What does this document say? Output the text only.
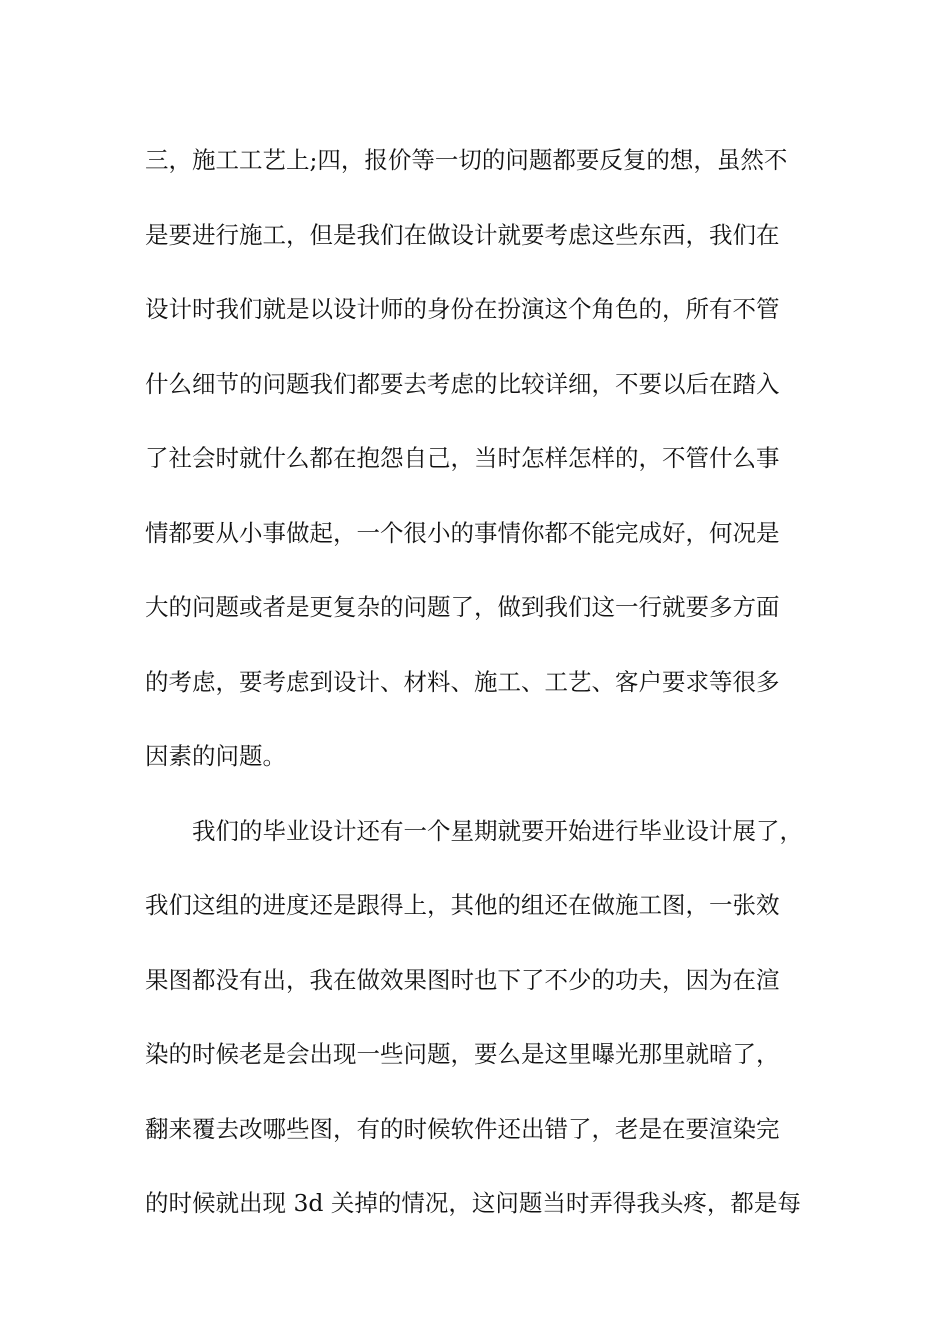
三，施工工艺上;四，报价等一切的问题都要反复的想，虽然不
是要进行施工，但是我们在做设计就要考虑这些东西，我们在
设计时我们就是以设计师的身份在扮演这个角色的，所有不管
什么细节的问题我们都要去考虑的比较详细，不要以后在踏入
了社会时就什么都在抱怨自己，当时怎样怎样的，不管什么事
情都要从小事做起，一个很小的事情你都不能完成好，何况是
大的问题或者是更复杂的问题了，做到我们这一行就要多方面
的考虑，要考虑到设计、材料、施工、工艺、客户要求等很多
因素的问题。
我们的毕业设计还有一个星期就要开始进行毕业设计展了，
我们这组的进度还是跟得上，其他的组还在做施工图，一张效
果图都没有出，我在做效果图时也下了不少的功夫，因为在渲
染的时候老是会出现一些问题，要么是这里曝光那里就暗了，
翻来覆去改哪些图，有的时候软件还出错了，老是在要渲染完
的时候就出现 3d 关掉的情况，这问题当时弄得我头疼，都是每
